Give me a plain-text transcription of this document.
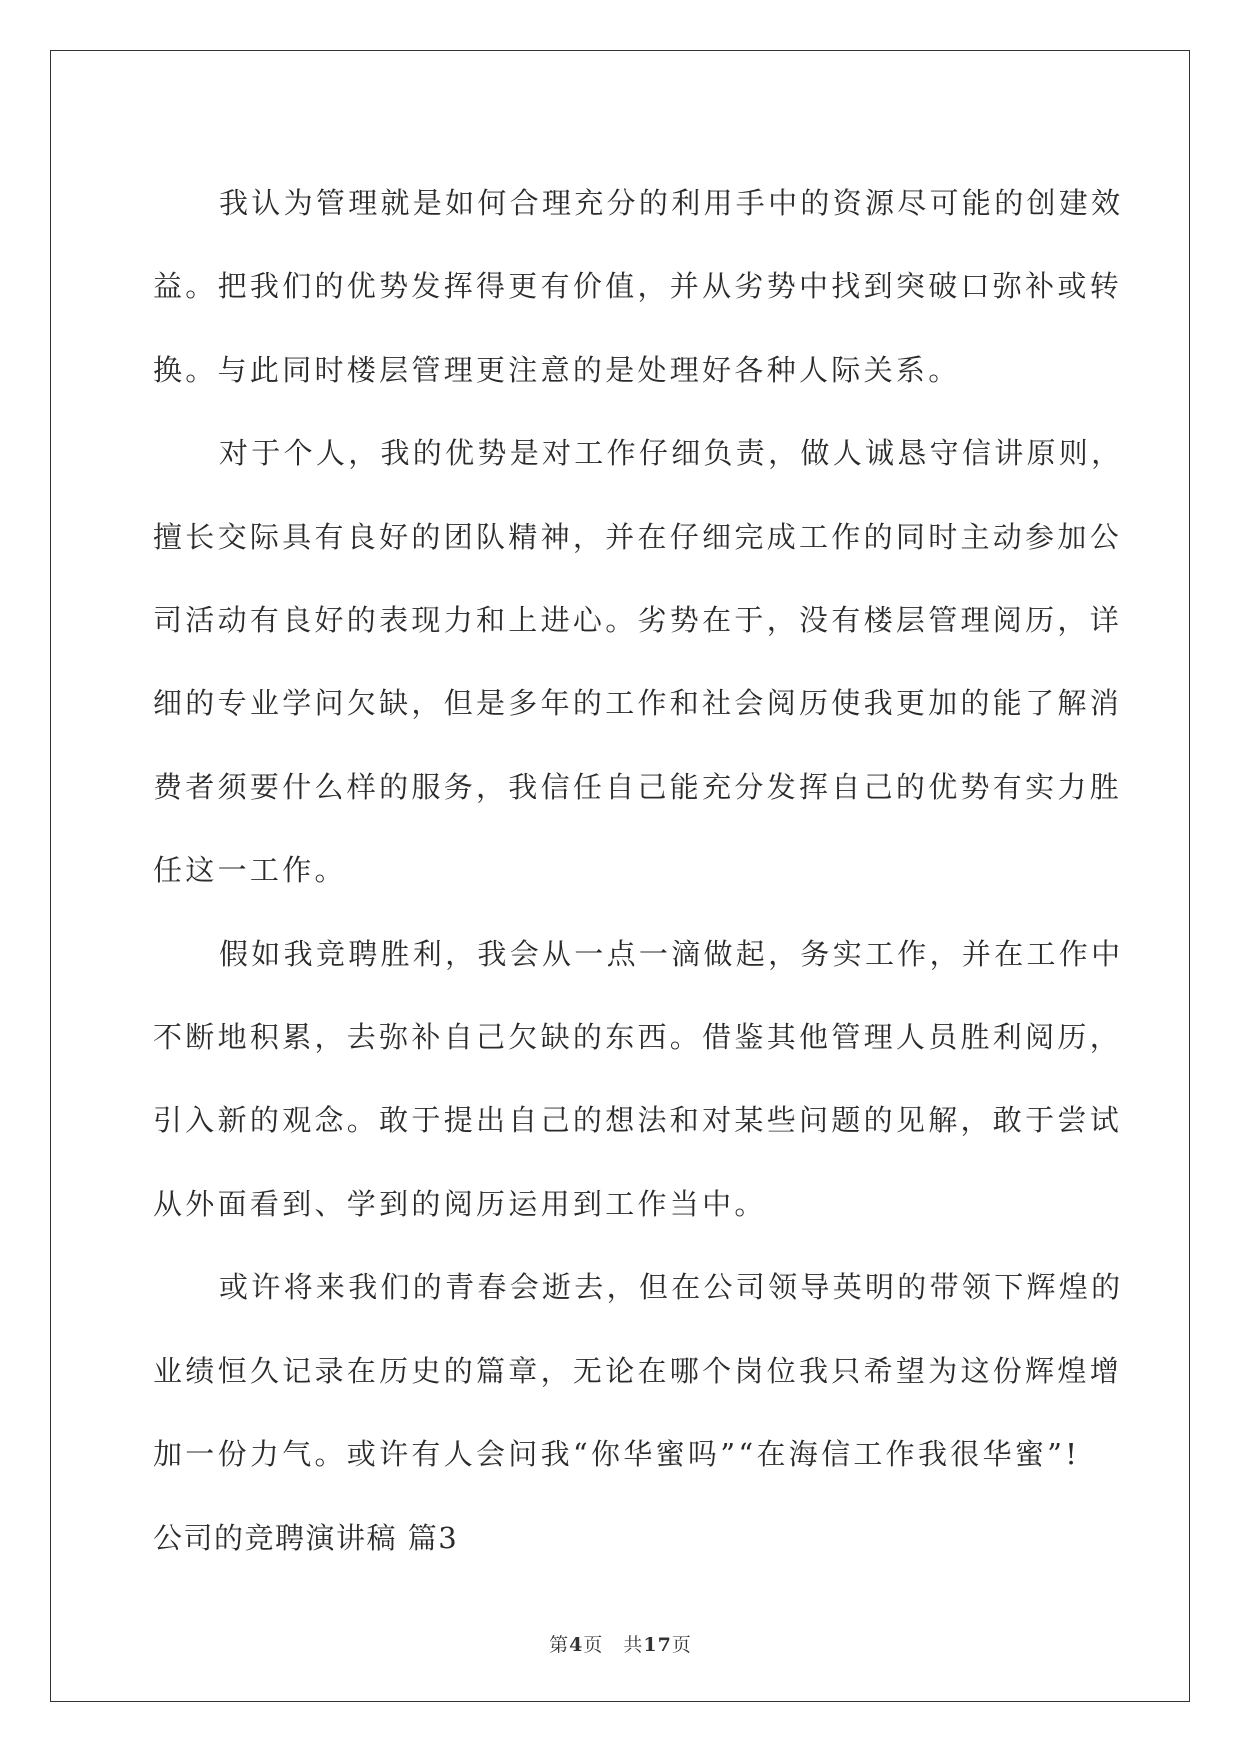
我认为管理就是如何合理充分的利用手中的资源尽可能的创建效
益。把我们的优势发挥得更有价值，并从劣势中找到突破口弥补或转
换。与此同时楼层管理更注意的是处理好各种人际关系。
对于个人，我的优势是对工作仔细负责，做人诚恳守信讲原则，
擅长交际具有良好的团队精神，并在仔细完成工作的同时主动参加公
司活动有良好的表现力和上进心。劣势在于，没有楼层管理阅历，详
细的专业学问欠缺，但是多年的工作和社会阅历使我更加的能了解消
费者须要什么样的服务，我信任自己能充分发挥自己的优势有实力胜
任这一工作。
假如我竞聘胜利，我会从一点一滴做起，务实工作，并在工作中
不断地积累，去弥补自己欠缺的东西。借鉴其他管理人员胜利阅历，
引入新的观念。敢于提出自己的想法和对某些问题的见解，敢于尝试
从外面看到、学到的阅历运用到工作当中。
或许将来我们的青春会逝去，但在公司领导英明的带领下辉煌的
业绩恒久记录在历史的篇章，无论在哪个岗位我只希望为这份辉煌增
加一份力气。或许有人会问我“你华蜜吗”“在海信工作我很华蜜”!
公司的竞聘演讲稿 篇3
第4页　共17页
